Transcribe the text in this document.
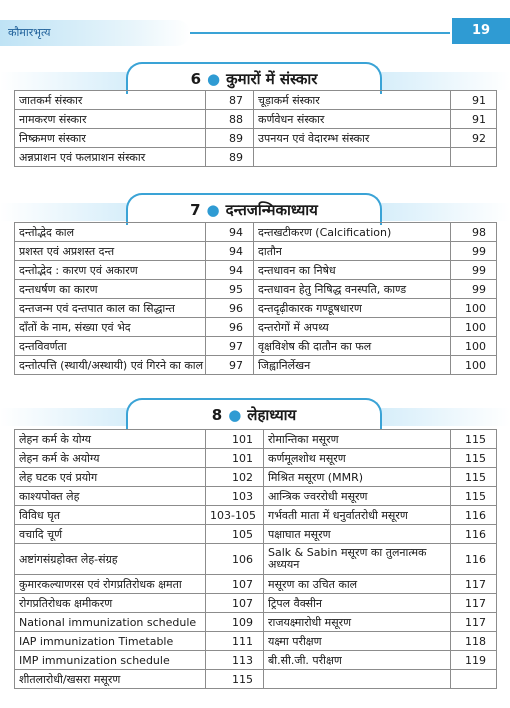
कौमारभृत्य	19
6 ● कुमारों में संस्कार
जातकर्म संस्कार	87	चूड़ाकर्म संस्कार	91
नामकरण संस्कार	88	कर्णवेधन संस्कार	91
निष्क्रमण संस्कार	89	उपनयन एवं वेदारम्भ संस्कार	92
अन्नप्राशन एवं फलप्राशन संस्कार	89		
7 ● दन्तजन्मिकाध्याय
दन्तोद्भेद काल	94	दन्तखटीकरण (Calcification)	98
प्रशस्त एवं अप्रशस्त दन्त	94	दातौन	99
दन्तोद्भेद : कारण एवं अकारण	94	दन्तधावन का निषेध	99
दन्तधर्षण का कारण	95	दन्तधावन हेतु निषिद्ध वनस्पति, काण्ड	99
दन्तजन्म एवं दन्तपात काल का सिद्धान्त	96	दन्तदृढ़ीकारक गण्डूषधारण	100
दाँतों के नाम, संख्या एवं भेद	96	दन्तरोगों में अपथ्य	100
दन्तविवर्णता	97	वृक्षविशेष की दातौन का फल	100
दन्तोत्पत्ति (स्थायी/अस्थायी) एवं गिरने का काल	97	जिह्वानिर्लेखन	100
8 ● लेहाध्याय
लेहन कर्म के योग्य	101	रोमान्तिका मसूरण	115
लेहन कर्म के अयोग्य	101	कर्णमूलशोथ मसूरण	115
लेह घटक एवं प्रयोग	102	मिश्रित मसूरण (MMR)	115
काश्यपोक्त लेह	103	आन्त्रिक ज्वररोधी मसूरण	115
विविध घृत	103-105	गर्भवती माता में धनुर्वातरोधी मसूरण	116
वचादि चूर्ण	105	पक्षाघात मसूरण	116
अष्टांगसंग्रहोक्त लेह-संग्रह	106	Salk & Sabin मसूरण का तुलनात्मक अध्ययन	116
कुमारकल्याणरस एवं रोगप्रतिरोधक क्षमता	107	मसूरण का उचित काल	117
रोगप्रतिरोधक क्षमीकरण	107	ट्रिपल वैक्सीन	117
National immunization schedule	109	राजयक्ष्मारोधी मसूरण	117
IAP immunization Timetable	111	यक्ष्मा परीक्षण	118
IMP immunization schedule	113	बी.सी.जी. परीक्षण	119
शीतलारोधी/खसरा मसूरण	115		
